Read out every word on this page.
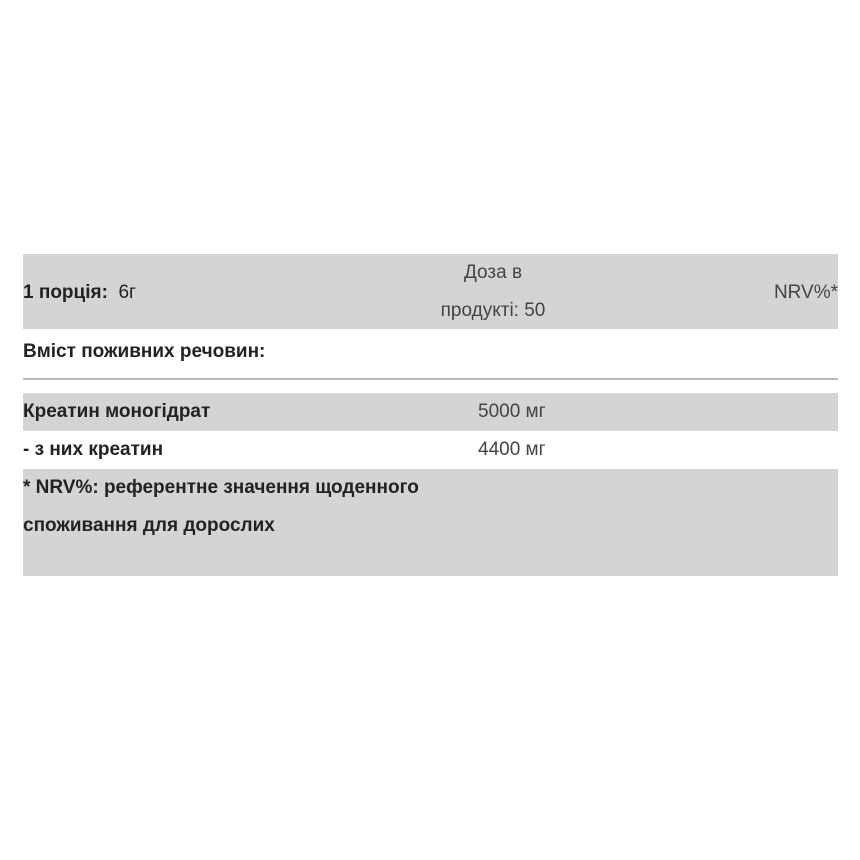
1 порція: 6г
Доза в
продукті: 50
NRV%*
Вміст поживних речовин:
Креатин моногідрат	5000 мг
- з них креатин	4400 мг
* NRV%: референтне значення щоденного споживання для дорослих
